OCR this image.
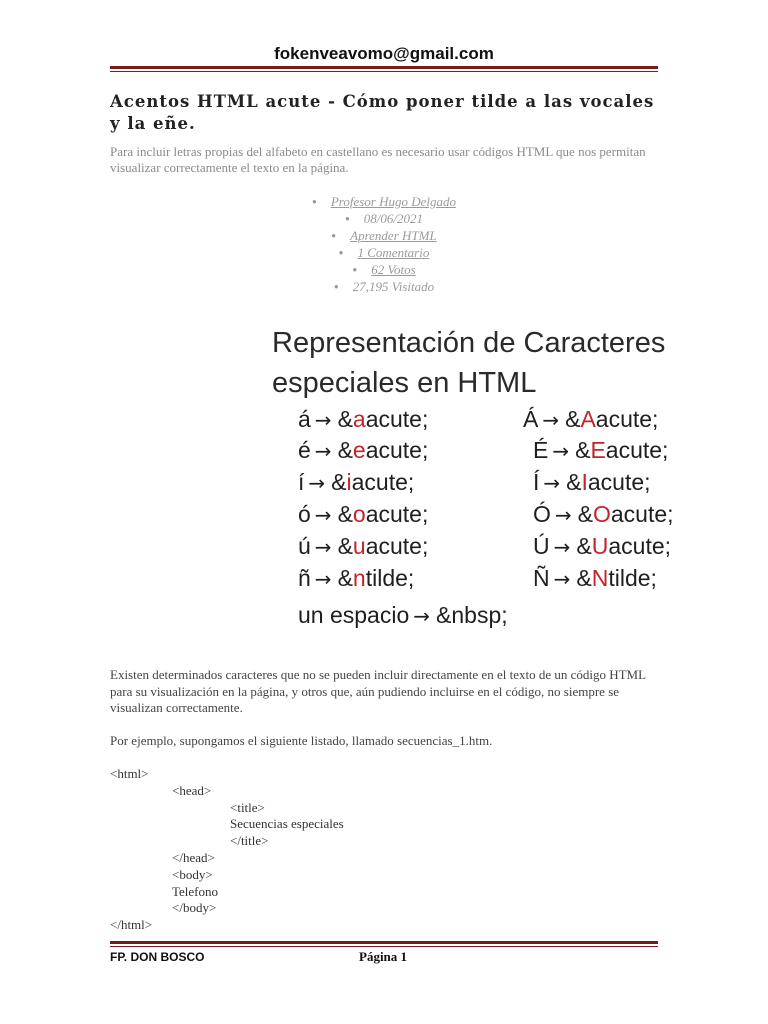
fokenveavomo@gmail.com
Acentos HTML acute - Cómo poner tilde a las vocales y la eñe.
Para incluir letras propias del alfabeto en castellano es necesario usar códigos HTML que nos permitan visualizar correctamente el texto en la página.
● Profesor Hugo Delgado
● 08/06/2021
● Aprender HTML
● 1 Comentario
● 62 Votos
● 27,195 Visitado
Representación de Caracteres
especiales en HTML
á → &aacute;	Á → &Aacute;
é → &eacute;	É → &Eacute;
í → &iacute;	Í → &Iacute;
ó → &oacute;	Ó → &Oacute;
ú → &uacute;	Ú → &Uacute;
ñ → &ntilde;	Ñ → &Ntilde;
un espacio → &nbsp;
Existen determinados caracteres que no se pueden incluir directamente en el texto de un código HTML para su visualización en la página, y otros que, aún pudiendo incluirse en el código, no siempre se visualizan correctamente.
Por ejemplo, supongamos el siguiente listado, llamado secuencias_1.htm.
<html>
<head>
<title>
Secuencias especiales
</title>
</head>
<body>
Telefono
</body>
</html>
FP. DON BOSCO	Página 1
